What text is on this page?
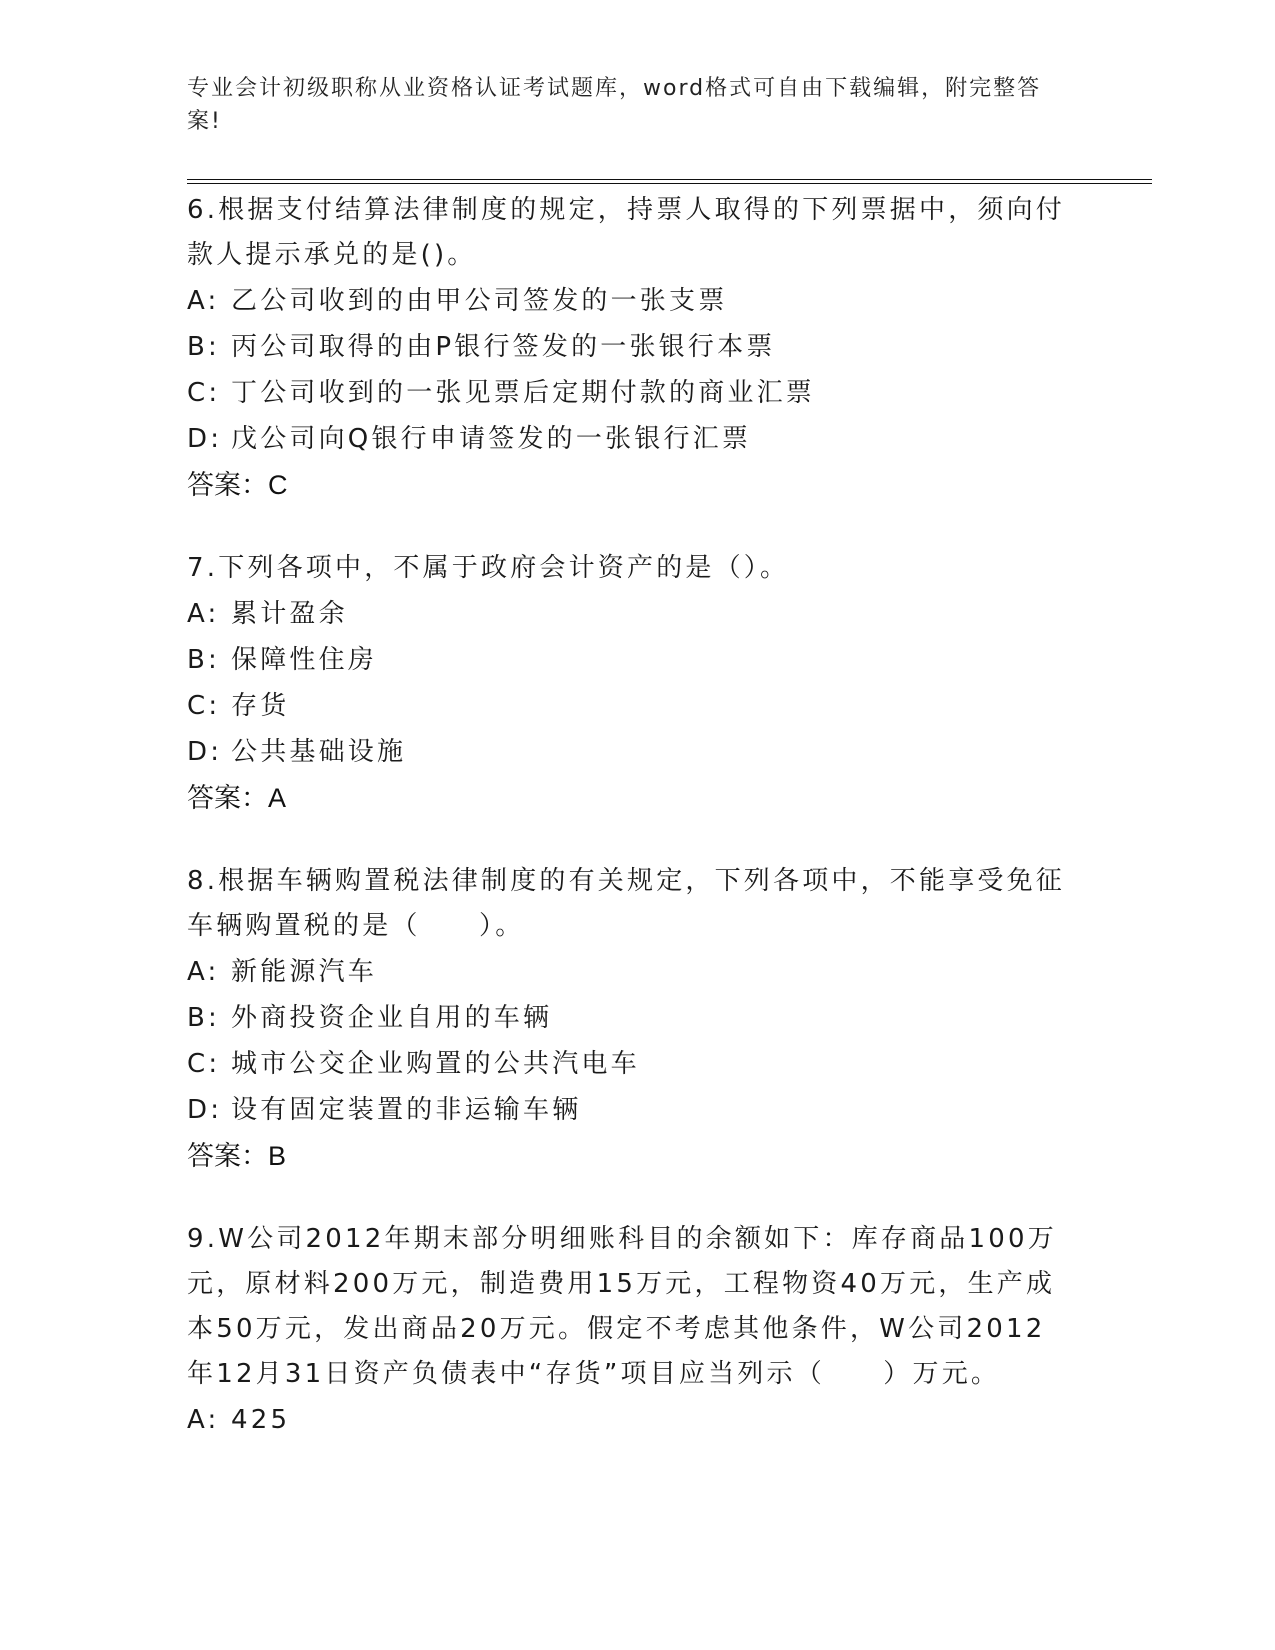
专业会计初级职称从业资格认证考试题库，word格式可自由下载编辑，附完整答案!
6.根据支付结算法律制度的规定，持票人取得的下列票据中，须向付款人提示承兑的是()。
A: 乙公司收到的由甲公司签发的一张支票
B: 丙公司取得的由P银行签发的一张银行本票
C: 丁公司收到的一张见票后定期付款的商业汇票
D: 戊公司向Q银行申请签发的一张银行汇票
答案：C
7.下列各项中，不属于政府会计资产的是（）。
A: 累计盈余
B: 保障性住房
C: 存货
D: 公共基础设施
答案：A
8.根据车辆购置税法律制度的有关规定，下列各项中，不能享受免征车辆购置税的是（　　）。
A: 新能源汽车
B: 外商投资企业自用的车辆
C: 城市公交企业购置的公共汽电车
D: 设有固定装置的非运输车辆
答案：B
9.W公司2012年期末部分明细账科目的余额如下：库存商品100万元，原材料200万元，制造费用15万元，工程物资40万元，生产成本50万元，发出商品20万元。假定不考虑其他条件，W公司2012年12月31日资产负债表中“存货”项目应当列示（　　）万元。
A: 425
